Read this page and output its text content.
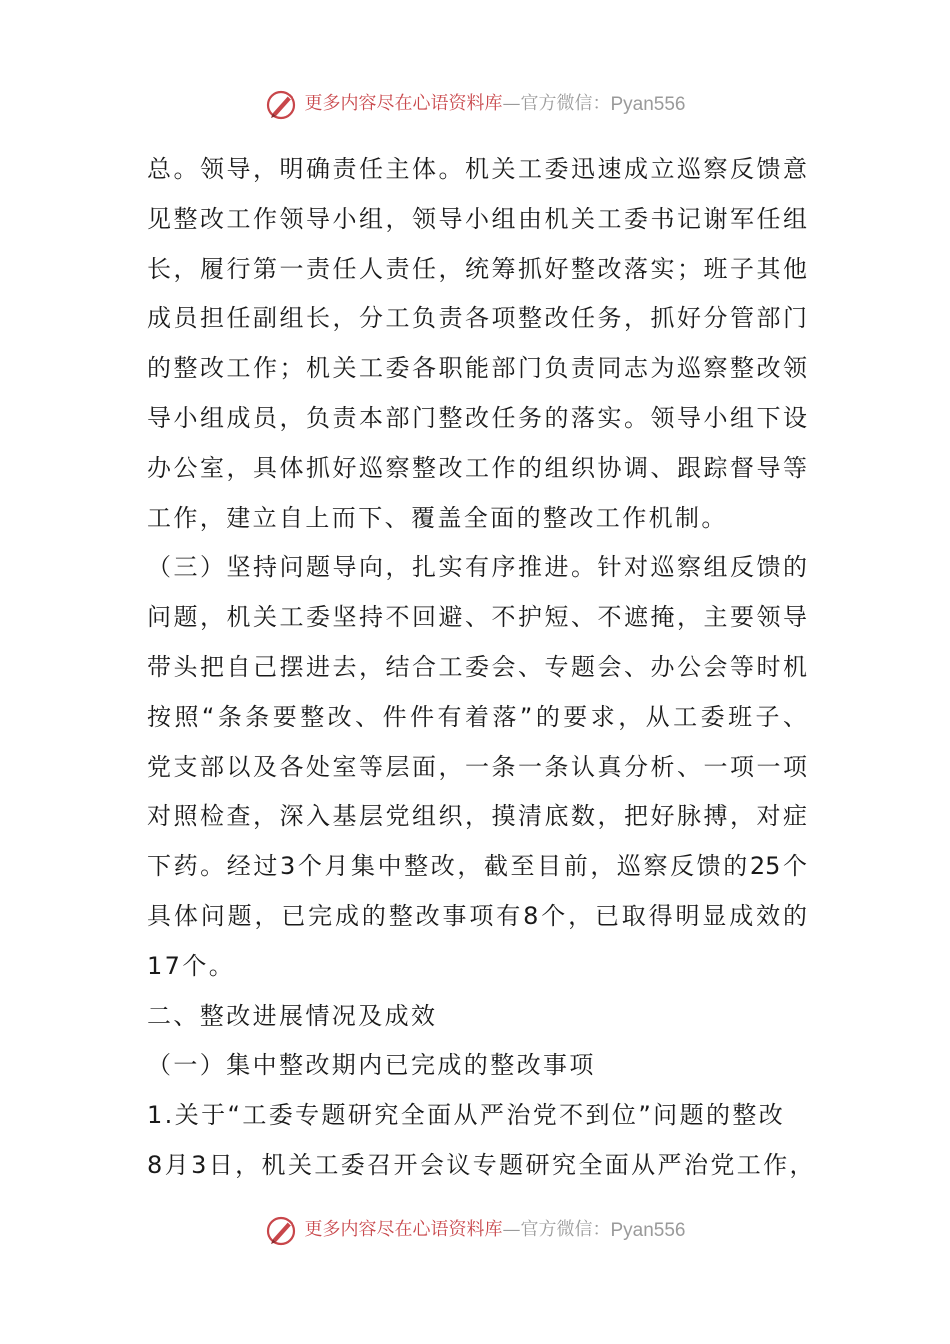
更多内容尽在心语资料库 — 官方微信： Pyan556
总。领导，明确责任主体。机关工委迅速成立巡察反馈意
见整改工作领导小组，领导小组由机关工委书记谢军任组
长，履行第一责任人责任，统筹抓好整改落实；班子其他
成员担任副组长，分工负责各项整改任务，抓好分管部门
的整改工作；机关工委各职能部门负责同志为巡察整改领
导小组成员，负责本部门整改任务的落实。领导小组下设
办公室，具体抓好巡察整改工作的组织协调、跟踪督导等
工作，建立自上而下、覆盖全面的整改工作机制。
（三）坚持问题导向，扎实有序推进。针对巡察组反馈的
问题，机关工委坚持不回避、不护短、不遮掩，主要领导
带头把自己摆进去，结合工委会、专题会、办公会等时机
按照“条条要整改、件件有着落”的要求，从工委班子、
党支部以及各处室等层面，一条一条认真分析、一项一项
对照检查，深入基层党组织，摸清底数，把好脉搏，对症
下药。经过3个月集中整改，截至目前，巡察反馈的25个
具体问题，已完成的整改事项有8个，已取得明显成效的
17个。
二、整改进展情况及成效
（一）集中整改期内已完成的整改事项
1.关于“工委专题研究全面从严治党不到位”问题的整改
8月3日，机关工委召开会议专题研究全面从严治党工作，
更多内容尽在心语资料库 — 官方微信： Pyan556
